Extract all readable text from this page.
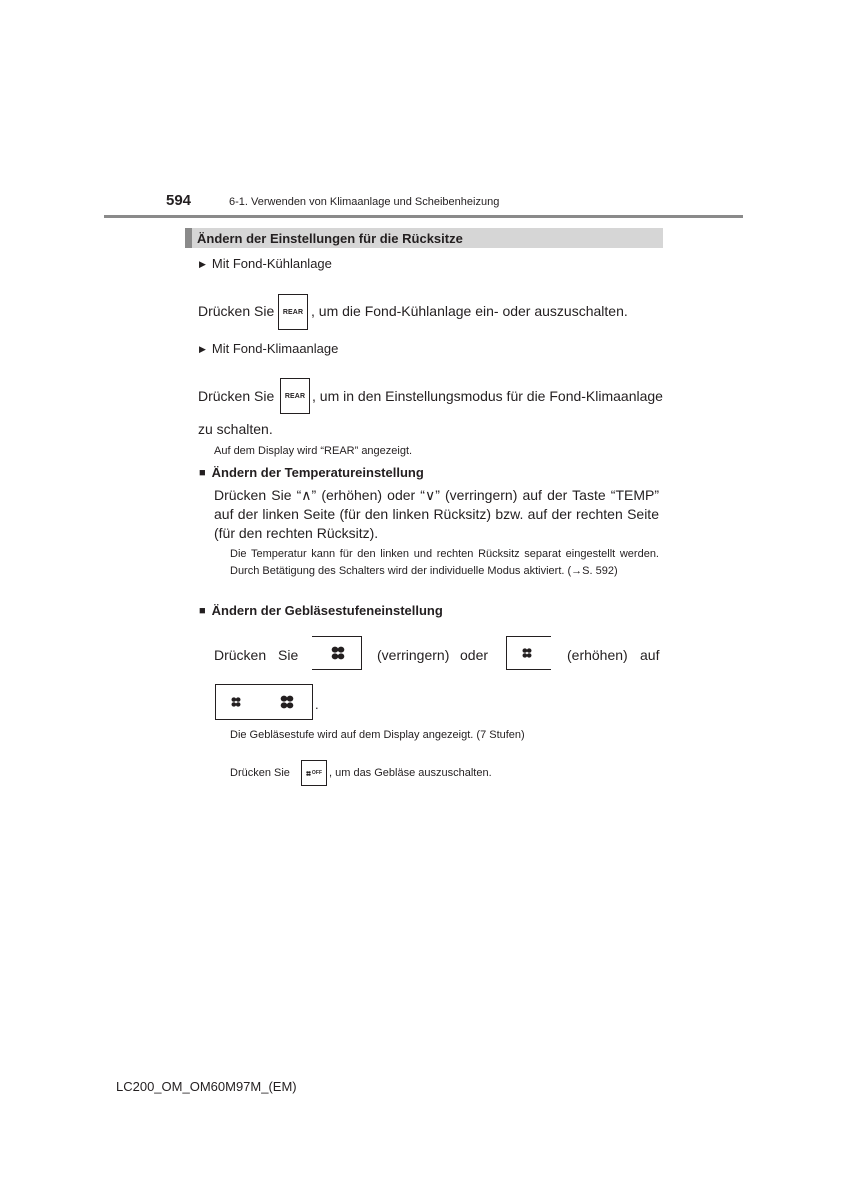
594	6-1. Verwenden von Klimaanlage und Scheibenheizung
Ändern der Einstellungen für die Rücksitze
▶ Mit Fond-Kühlanlage
Drücken Sie REAR , um die Fond-Kühlanlage ein- oder auszuschalten.
▶ Mit Fond-Klimaanlage
Drücken Sie REAR , um in den Einstellungsmodus für die Fond-Klimaanlage
zu schalten.
Auf dem Display wird “REAR” angezeigt.
■ Ändern der Temperatureinstellung
Drücken Sie “∧” (erhöhen) oder “∨” (verringern) auf der Taste “TEMP” auf der linken Seite (für den linken Rücksitz) bzw. auf der rechten Seite (für den rechten Rücksitz).
Die Temperatur kann für den linken und rechten Rücksitz separat eingestellt werden. Durch Betätigung des Schalters wird der individuelle Modus aktiviert. (→S. 592)
■ Ändern der Gebläsestufeneinstellung
Drücken Sie	(verringern) oder	(erhöhen) auf
.
Die Gebläsestufe wird auf dem Display angezeigt. (7 Stufen)
Drücken Sie	OFF , um das Gebläse auszuschalten.
LC200_OM_OM60M97M_(EM)
